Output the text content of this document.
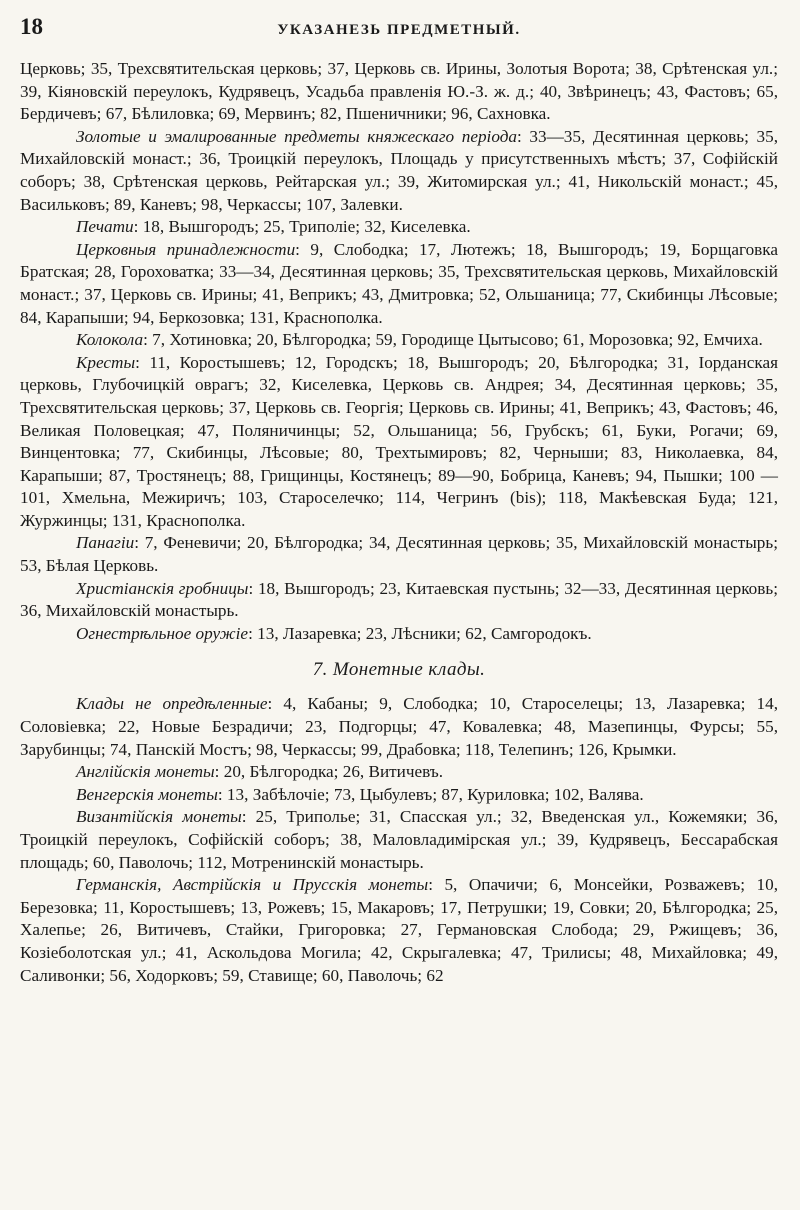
18	УКАЗАНЕЗЬ ПРЕДМЕТНЫЙ.

Церковь; 35, Трехсвятительская церковь; 37, Церковь св. Ирины, Золотыя Ворота; 38, Срѣтенская ул.; 39, Кіяновскій переулокъ, Кудрявецъ, Усадьба правленія Ю.-З. ж. д.; 40, Звѣринецъ; 43, Фастовъ; 65, Бердичевъ; 67, Бѣлиловка; 69, Мервинъ; 82, Пшеничники; 96, Сахновка.

Золотые и эмалированные предметы княжескаго періода: 33—35, Десятинная церковь; 35, Михайловскій монаст.; 36, Троицкій переулокъ, Площадь у присутственныхъ мѣстъ; 37, Софійскій соборъ; 38, Срѣтенская церковь, Рейтарская ул.; 39, Житомирская ул.; 41, Никольскій монаст.; 45, Васильковъ; 89, Каневъ; 98, Черкассы; 107, Залевки.

Печати: 18, Вышгородъ; 25, Триполіе; 32, Киселевка.

Церковныя принадлежности: 9, Слободка; 17, Лютежъ; 18, Вышгородъ; 19, Борщаговка Братская; 28, Гороховатка; 33—34, Десятинная церковь; 35, Трехсвятительская церковь, Михайловскій монаст.; 37, Церковь св. Ирины; 41, Веприкъ; 43, Дмитровка; 52, Ольшаница; 77, Скибинцы Лѣсовые; 84, Карапыши; 94, Беркозовка; 131, Краснополка.

Колокола: 7, Хотиновка; 20, Бѣлгородка; 59, Городище Цытысово; 61, Морозовка; 92, Емчиха.

Кресты: 11, Коростышевъ; 12, Городскъ; 18, Вышгородъ; 20, Бѣлгородка; 31, Іорданская церковь, Глубочицкій оврагъ; 32, Киселевка, Церковь св. Андрея; 34, Десятинная церковь; 35, Трехсвятительская церковь; 37, Церковь св. Георгія; Церковь св. Ирины; 41, Веприкъ; 43, Фастовъ; 46, Великая Половецкая; 47, Поляничинцы; 52, Ольшаница; 56, Грубскъ; 61, Буки, Рогачи; 69, Винцентовка; 77, Скибинцы, Лѣсовые; 80, Трехтымировъ; 82, Черныши; 83, Николаевка, 84, Карапыши; 87, Тростянецъ; 88, Грищинцы, Костянецъ; 89—90, Бобрица, Каневъ; 94, Пышки; 100 — 101, Хмельна, Межиричъ; 103, Староселечко; 114, Чегринъ (bis); 118, Макѣевская Буда; 121, Журжинцы; 131, Краснополка.

Панагіи: 7, Феневичи; 20, Бѣлгородка; 34, Десятинная церковь; 35, Михайловскій монастырь; 53, Бѣлая Церковь.

Христіанскія гробницы: 18, Вышгородъ; 23, Китаевская пустынь; 32—33, Десятинная церковь; 36, Михайловскій монастырь.

Огнестрѣльное оружіе: 13, Лазаревка; 23, Лѣсники; 62, Самгородокъ.

7. Монетные клады.

Клады не опредѣленные: 4, Кабаны; 9, Слободка; 10, Староселецы; 13, Лазаревка; 14, Соловіевка; 22, Новые Безрадичи; 23, Подгорцы; 47, Ковалевка; 48, Мазепинцы, Фурсы; 55, Зарубинцы; 74, Панскій Мостъ; 98, Черкассы; 99, Драбовка; 118, Телепинъ; 126, Крымки.

Англійскія монеты: 20, Бѣлгородка; 26, Витичевъ.

Венгерскія монеты: 13, Забѣлочіе; 73, Цыбулевъ; 87, Куриловка; 102, Валява.

Византійскія монеты: 25, Триполье; 31, Спасская ул.; 32, Введенская ул., Кожемяки; 36, Троицкій переулокъ, Софійскій соборъ; 38, Маловладимірская ул.; 39, Кудрявецъ, Бессарабская площадь; 60, Паволочь; 112, Мотренинскій монастырь.

Германскія, Австрійскія и Прусскія монеты: 5, Опачичи; 6, Монсейки, Розважевъ; 10, Березовка; 11, Коростышевъ; 13, Рожевъ; 15, Макаровъ; 17, Петрушки; 19, Совки; 20, Бѣлгородка; 25, Халепье; 26, Витичевъ, Стайки, Григоровка; 27, Германовская Слобода; 29, Ржищевъ; 36, Козіеболотская ул.; 41, Аскольдова Могила; 42, Скрыгалевка; 47, Трилисы; 48, Михайловка; 49, Саливонки; 56, Ходорковъ; 59, Ставище; 60, Паволочь; 62
